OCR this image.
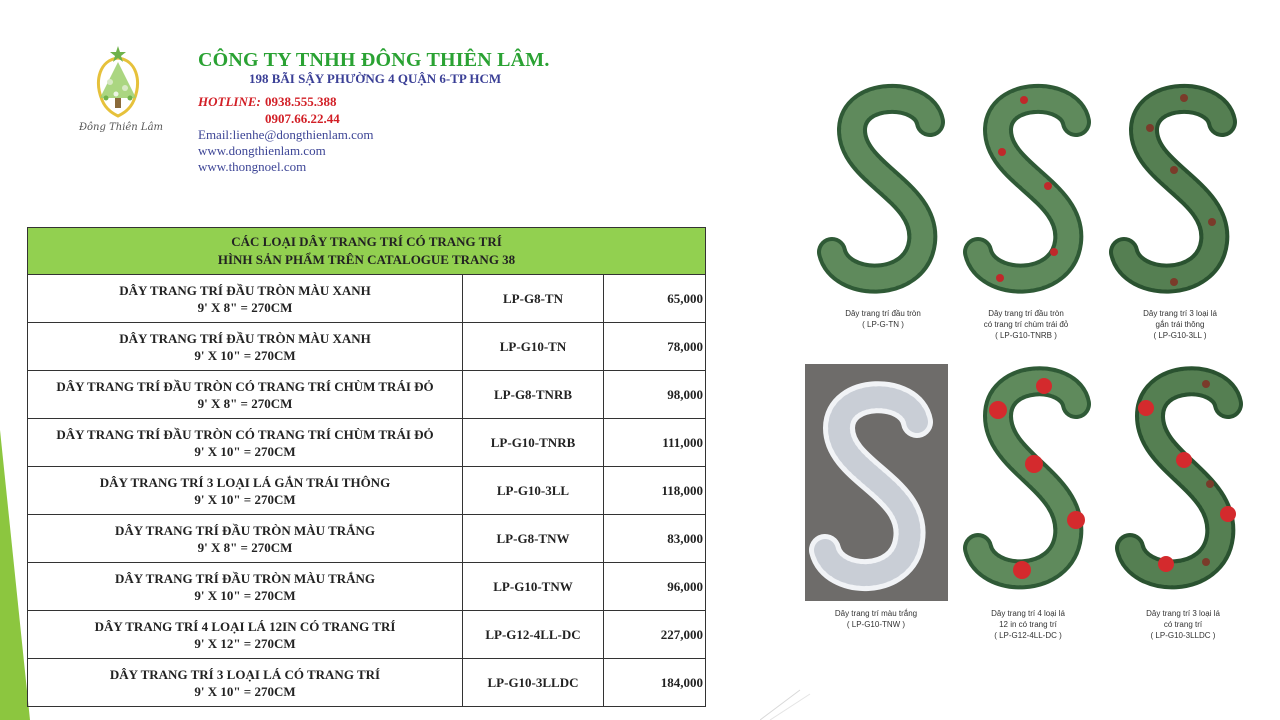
Đông Thiên Lâm
CÔNG TY TNHH ĐÔNG THIÊN LÂM.
198 BÃI SẬY PHƯỜNG 4 QUẬN 6-TP HCM
HOTLINE: 0938.555.388
0907.66.22.44
Email:lienhe@dongthienlam.com
www.dongthienlam.com
www.thongnoel.com
CÁC LOẠI DÂY TRANG TRÍ CÓ TRANG TRÍ
HÌNH SẢN PHẨM TRÊN CATALOGUE TRANG 38		

DÂY TRANG TRÍ ĐẦU TRÒN MÀU XANH
9' X 8" = 270CM	LP-G8-TN	65,000

DÂY TRANG TRÍ ĐẦU TRÒN MÀU XANH
9' X 10" = 270CM	LP-G10-TN	78,000

DÂY TRANG TRÍ ĐẦU TRÒN CÓ TRANG TRÍ CHÙM TRÁI ĐỎ
9' X 8" = 270CM	LP-G8-TNRB	98,000

DÂY TRANG TRÍ ĐẦU TRÒN CÓ TRANG TRÍ CHÙM TRÁI ĐỎ
9' X 10" = 270CM	LP-G10-TNRB	111,000

DÂY TRANG TRÍ 3 LOẠI LÁ GẮN TRÁI THÔNG
9' X 10" = 270CM	LP-G10-3LL	118,000

DÂY TRANG TRÍ ĐẦU TRÒN MÀU TRẮNG
9' X 8" = 270CM	LP-G8-TNW	83,000

DÂY TRANG TRÍ ĐẦU TRÒN MÀU TRẮNG
9' X 10" = 270CM	LP-G10-TNW	96,000

DÂY TRANG TRÍ 4 LOẠI LÁ 12IN CÓ TRANG TRÍ
9' X 12" = 270CM	LP-G12-4LL-DC	227,000

DÂY TRANG TRÍ 3 LOẠI LÁ CÓ TRANG TRÍ
9' X 10" = 270CM	LP-G10-3LLDC	184,000
Dây trang trí đầu tròn
( LP-G-TN )
Dây trang trí đầu tròn
có trang trí chùm trái đỏ
( LP-G10-TNRB )
Dây trang trí 3 loại lá
gắn trái thông
( LP-G10-3LL )
Dây trang trí màu trắng
( LP-G10-TNW )
Dây trang trí 4 loại lá
12 in có trang trí
( LP-G12-4LL-DC )
Dây trang trí 3 loại lá
có trang trí
( LP-G10-3LLDC )
